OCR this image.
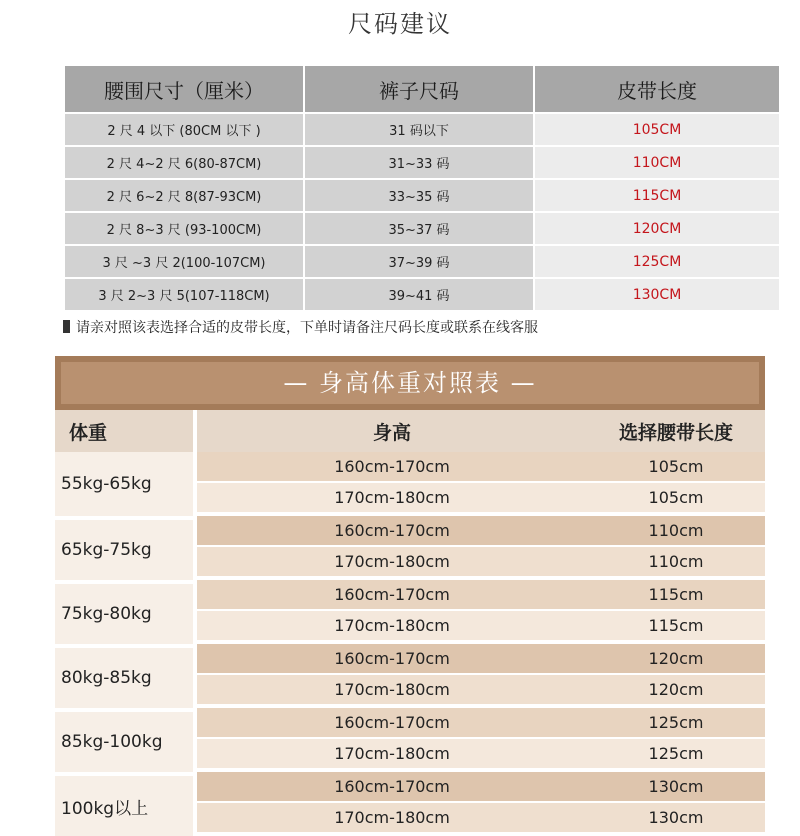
尺码建议
腰围尺寸（厘米）	裤子尺码	皮带长度
2 尺 4 以下 (80CM 以下 )	31 码以下	105CM
2 尺 4~2 尺 6(80-87CM)	31~33 码	110CM
2 尺 6~2 尺 8(87-93CM)	33~35 码	115CM
2 尺 8~3 尺 (93-100CM)	35~37 码	120CM
3 尺 ~3 尺 2(100-107CM)	37~39 码	125CM
3 尺 2~3 尺 5(107-118CM)	39~41 码	130CM
请亲对照该表选择合适的皮带长度，下单时请备注尺码长度或联系在线客服
— 身高体重对照表 —
体重	身高	选择腰带长度
55kg-65kg	160cm-170cm	105cm
	170cm-180cm	105cm
65kg-75kg	160cm-170cm	110cm
	170cm-180cm	110cm
75kg-80kg	160cm-170cm	115cm
	170cm-180cm	115cm
80kg-85kg	160cm-170cm	120cm
	170cm-180cm	120cm
85kg-100kg	160cm-170cm	125cm
	170cm-180cm	125cm
100kg以上	160cm-170cm	130cm
	170cm-180cm	130cm
